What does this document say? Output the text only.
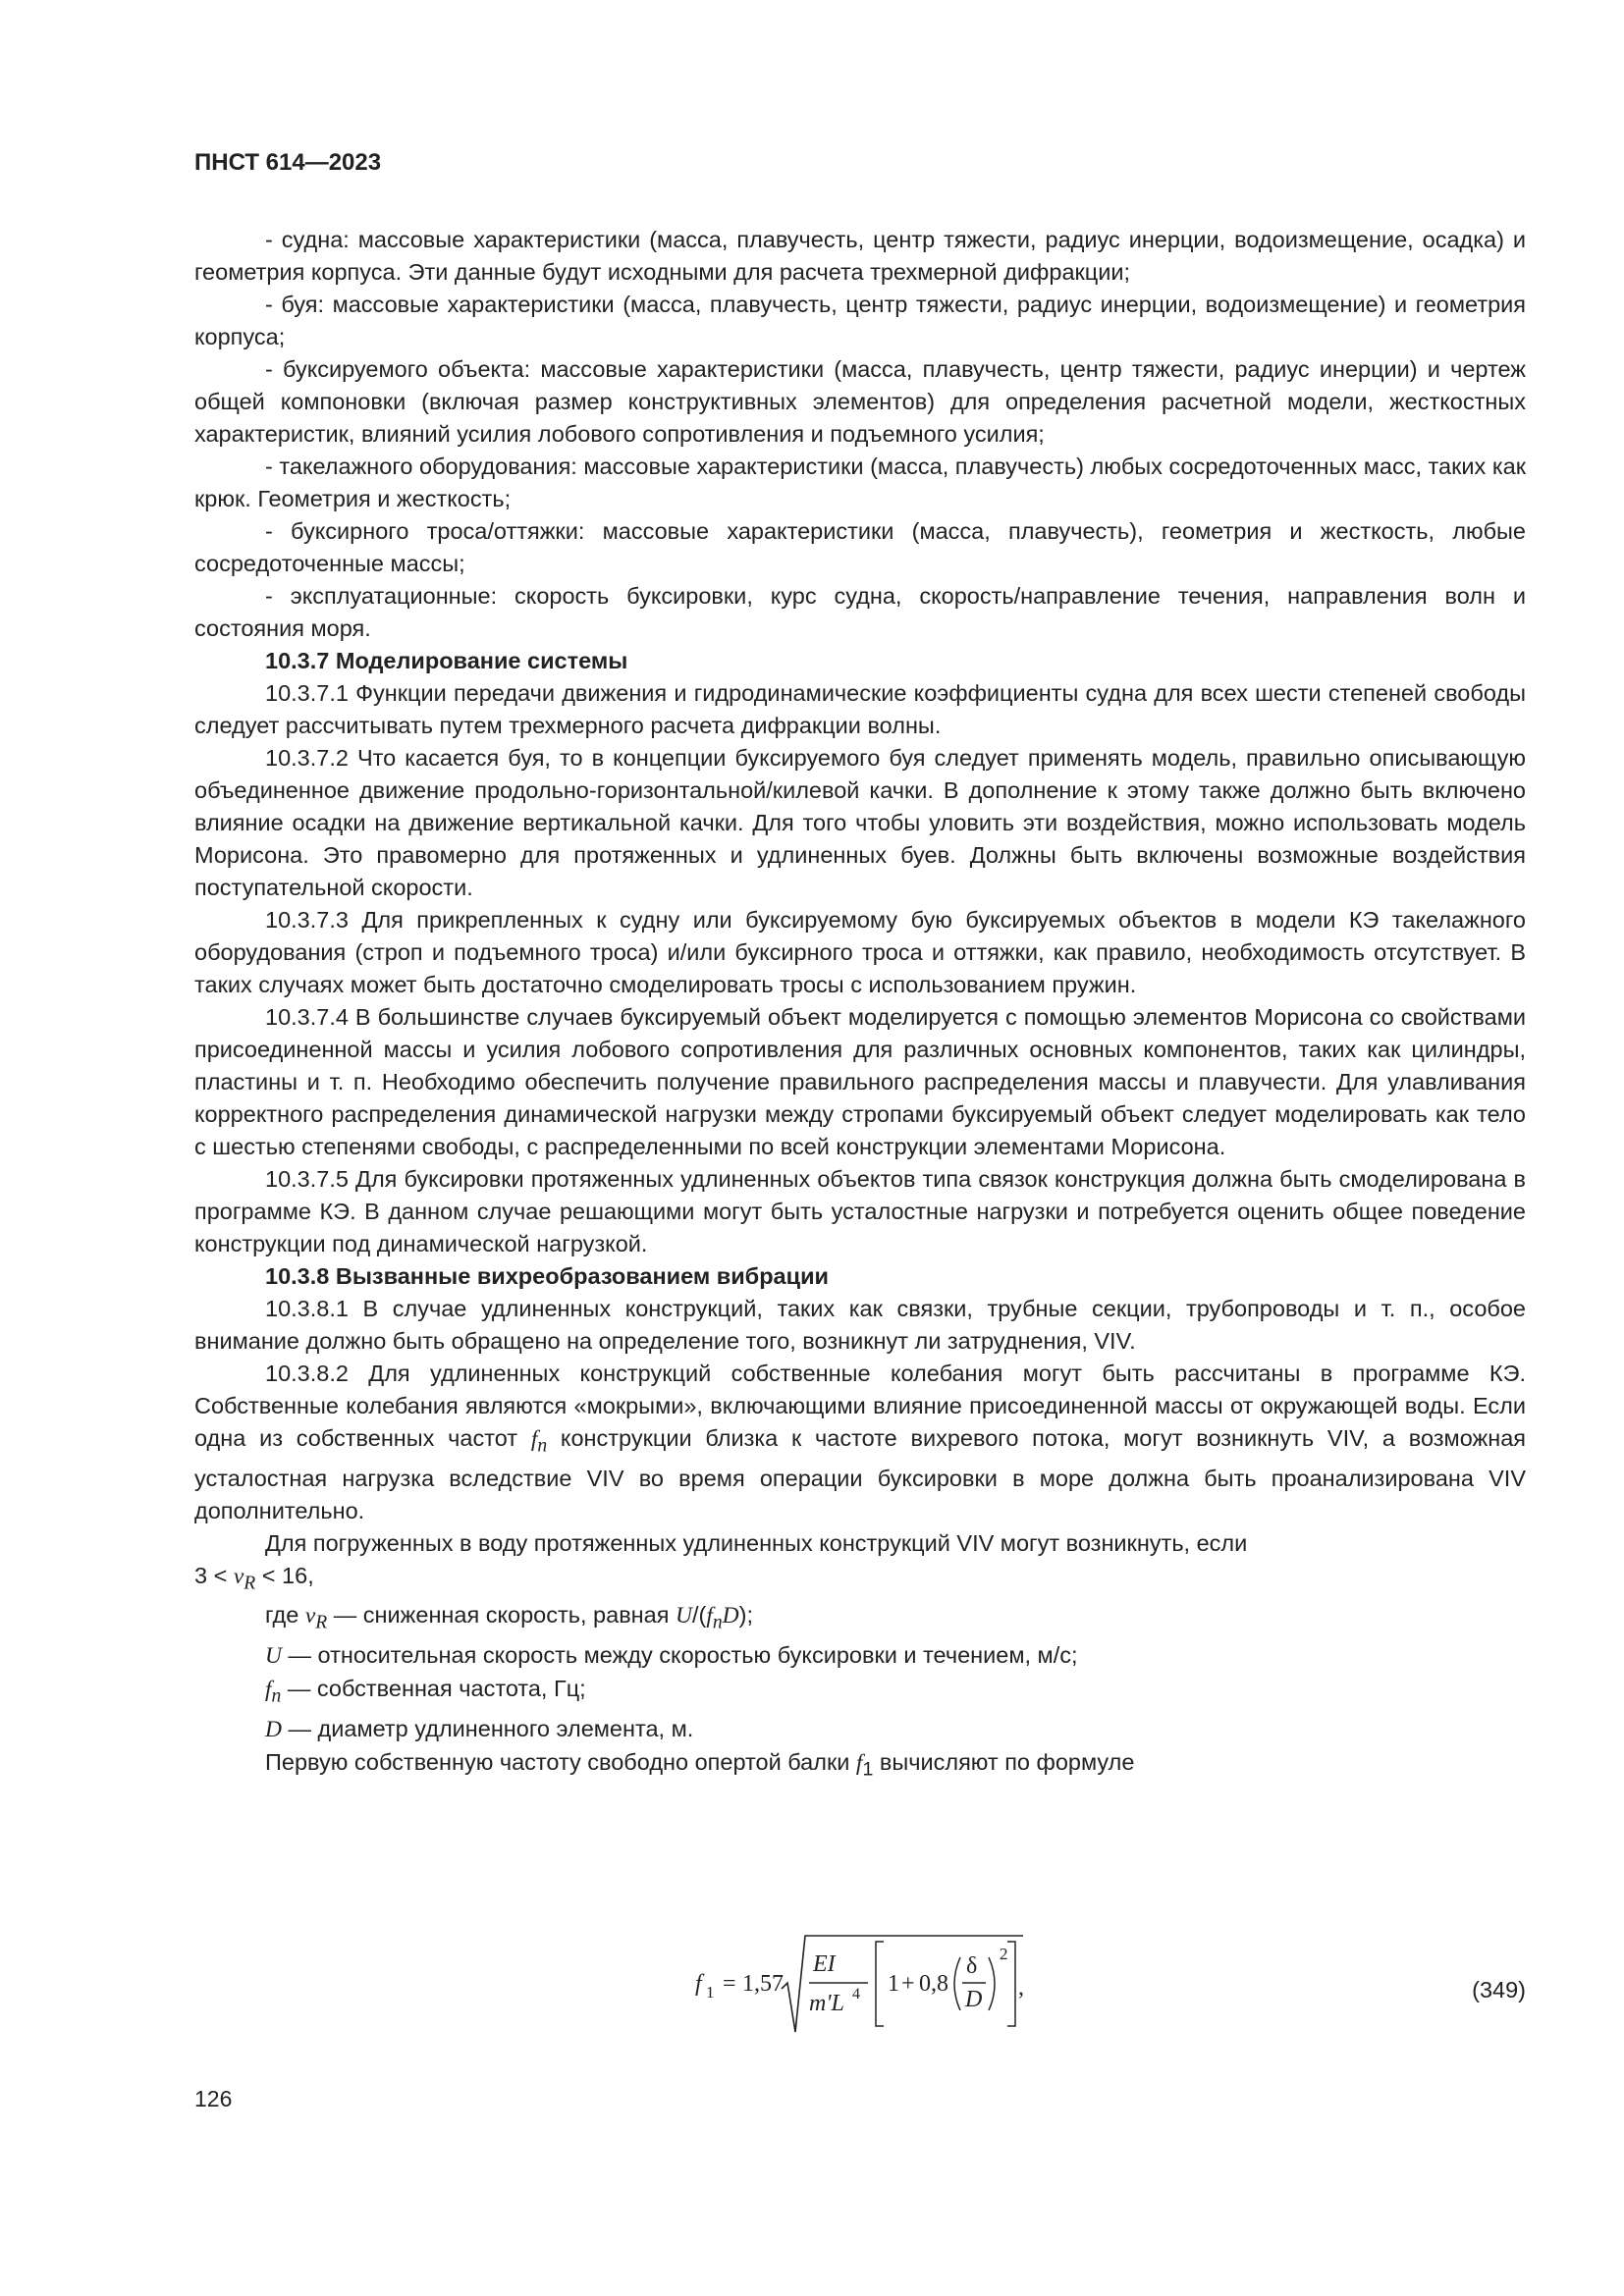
ПНСТ 614—2023

- судна: массовые характеристики (масса, плавучесть, центр тяжести, радиус инерции, водоизмещение, осадка) и геометрия корпуса. Эти данные будут исходными для расчета трехмерной дифракции;

- буя: массовые характеристики (масса, плавучесть, центр тяжести, радиус инерции, водоизмещение) и геометрия корпуса;

- буксируемого объекта: массовые характеристики (масса, плавучесть, центр тяжести, радиус инерции) и чертеж общей компоновки (включая размер конструктивных элементов) для определения расчетной модели, жесткостных характеристик, влияний усилия лобового сопротивления и подъемного усилия;

- такелажного оборудования: массовые характеристики (масса, плавучесть) любых сосредоточенных масс, таких как крюк. Геометрия и жесткость;

- буксирного троса/оттяжки: массовые характеристики (масса, плавучесть), геометрия и жесткость, любые сосредоточенные массы;

- эксплуатационные: скорость буксировки, курс судна, скорость/направление течения, направления волн и состояния моря.

10.3.7 Моделирование системы

10.3.7.1 Функции передачи движения и гидродинамические коэффициенты судна для всех шести степеней свободы следует рассчитывать путем трехмерного расчета дифракции волны.

10.3.7.2 Что касается буя, то в концепции буксируемого буя следует применять модель, правильно описывающую объединенное движение продольно-горизонтальной/килевой качки. В дополнение к этому также должно быть включено влияние осадки на движение вертикальной качки. Для того чтобы уловить эти воздействия, можно использовать модель Морисона. Это правомерно для протяженных и удлиненных буев. Должны быть включены возможные воздействия поступательной скорости.

10.3.7.3 Для прикрепленных к судну или буксируемому бую буксируемых объектов в модели КЭ такелажного оборудования (строп и подъемного троса) и/или буксирного троса и оттяжки, как правило, необходимость отсутствует. В таких случаях может быть достаточно смоделировать тросы с использованием пружин.

10.3.7.4 В большинстве случаев буксируемый объект моделируется с помощью элементов Морисона со свойствами присоединенной массы и усилия лобового сопротивления для различных основных компонентов, таких как цилиндры, пластины и т. п. Необходимо обеспечить получение правильного распределения массы и плавучести. Для улавливания корректного распределения динамической нагрузки между стропами буксируемый объект следует моделировать как тело с шестью степенями свободы, с распределенными по всей конструкции элементами Морисона.

10.3.7.5 Для буксировки протяженных удлиненных объектов типа связок конструкция должна быть смоделирована в программе КЭ. В данном случае решающими могут быть усталостные нагрузки и потребуется оценить общее поведение конструкции под динамической нагрузкой.

10.3.8 Вызванные вихреобразованием вибрации

10.3.8.1 В случае удлиненных конструкций, таких как связки, трубные секции, трубопроводы и т. п., особое внимание должно быть обращено на определение того, возникнут ли затруднения, VIV.

10.3.8.2 Для удлиненных конструкций собственные колебания могут быть рассчитаны в программе КЭ. Собственные колебания являются «мокрыми», включающими влияние присоединенной массы от окружающей воды. Если одна из собственных частот $f_n$ конструкции близка к частоте вихревого потока, могут возникнуть VIV, а возможная усталостная нагрузка вследствие VIV во время операции буксировки в море должна быть проанализирована VIV дополнительно.

Для погруженных в воду протяженных удлиненных конструкций VIV могут возникнуть, если
$3 < v_R < 16$,

где $v_R$ — сниженная скорость, равная $U/(f_nD)$;

U — относительная скорость между скоростью буксировки и течением, м/с;

$f_n$ — собственная частота, Гц;

D — диаметр удлиненного элемента, м.

Первую собственную частоту свободно опертой балки $f_1$ вычисляют по формуле

f 1 = 1,57
EI
m'L 4 1 + 0,8
δ
D
2
,	(349)
126
